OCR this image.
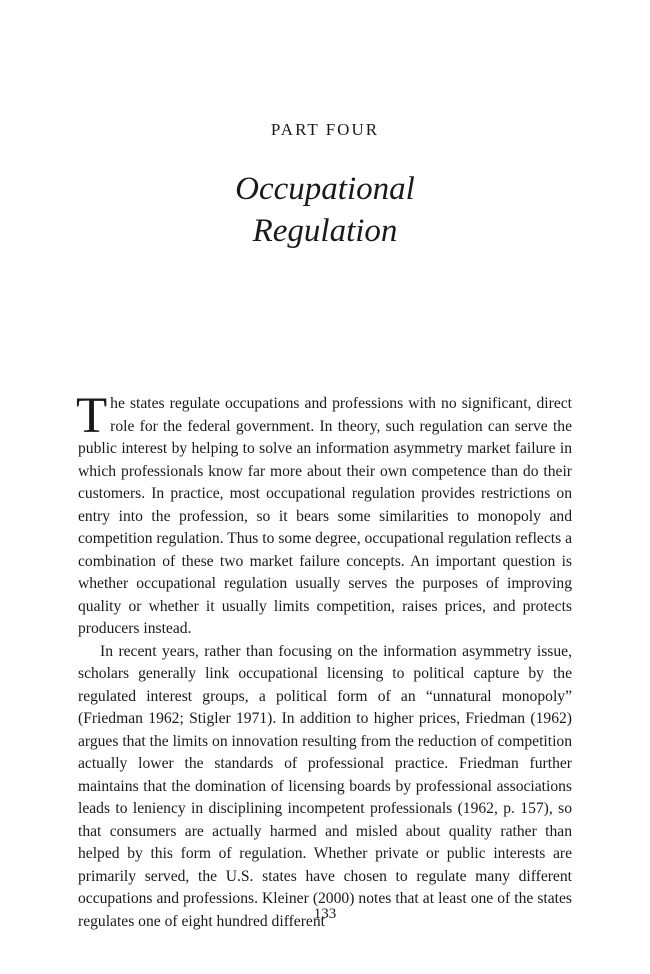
PART FOUR
Occupational
Regulation

The states regulate occupations and professions with no significant, direct role for the federal government. In theory, such regulation can serve the public interest by helping to solve an information asymmetry market failure in which professionals know far more about their own competence than do their customers. In practice, most occupational regulation provides restrictions on entry into the profession, so it bears some similarities to monopoly and competition regulation. Thus to some degree, occupational regulation reflects a combination of these two market failure concepts. An important question is whether occupational regulation usually serves the purposes of improving quality or whether it usually limits competition, raises prices, and protects producers instead.

In recent years, rather than focusing on the information asymmetry issue, scholars generally link occupational licensing to political capture by the regulated interest groups, a political form of an “unnatural monopoly” (Friedman 1962; Stigler 1971). In addition to higher prices, Friedman (1962) argues that the limits on innovation resulting from the reduction of competition actually lower the standards of professional practice. Friedman further maintains that the domination of licensing boards by professional associations leads to leniency in disciplining incompetent professionals (1962, p. 157), so that consumers are actually harmed and misled about quality rather than helped by this form of regulation. Whether private or public interests are primarily served, the U.S. states have chosen to regulate many different occupations and professions. Kleiner (2000) notes that at least one of the states regulates one of eight hundred different

133
